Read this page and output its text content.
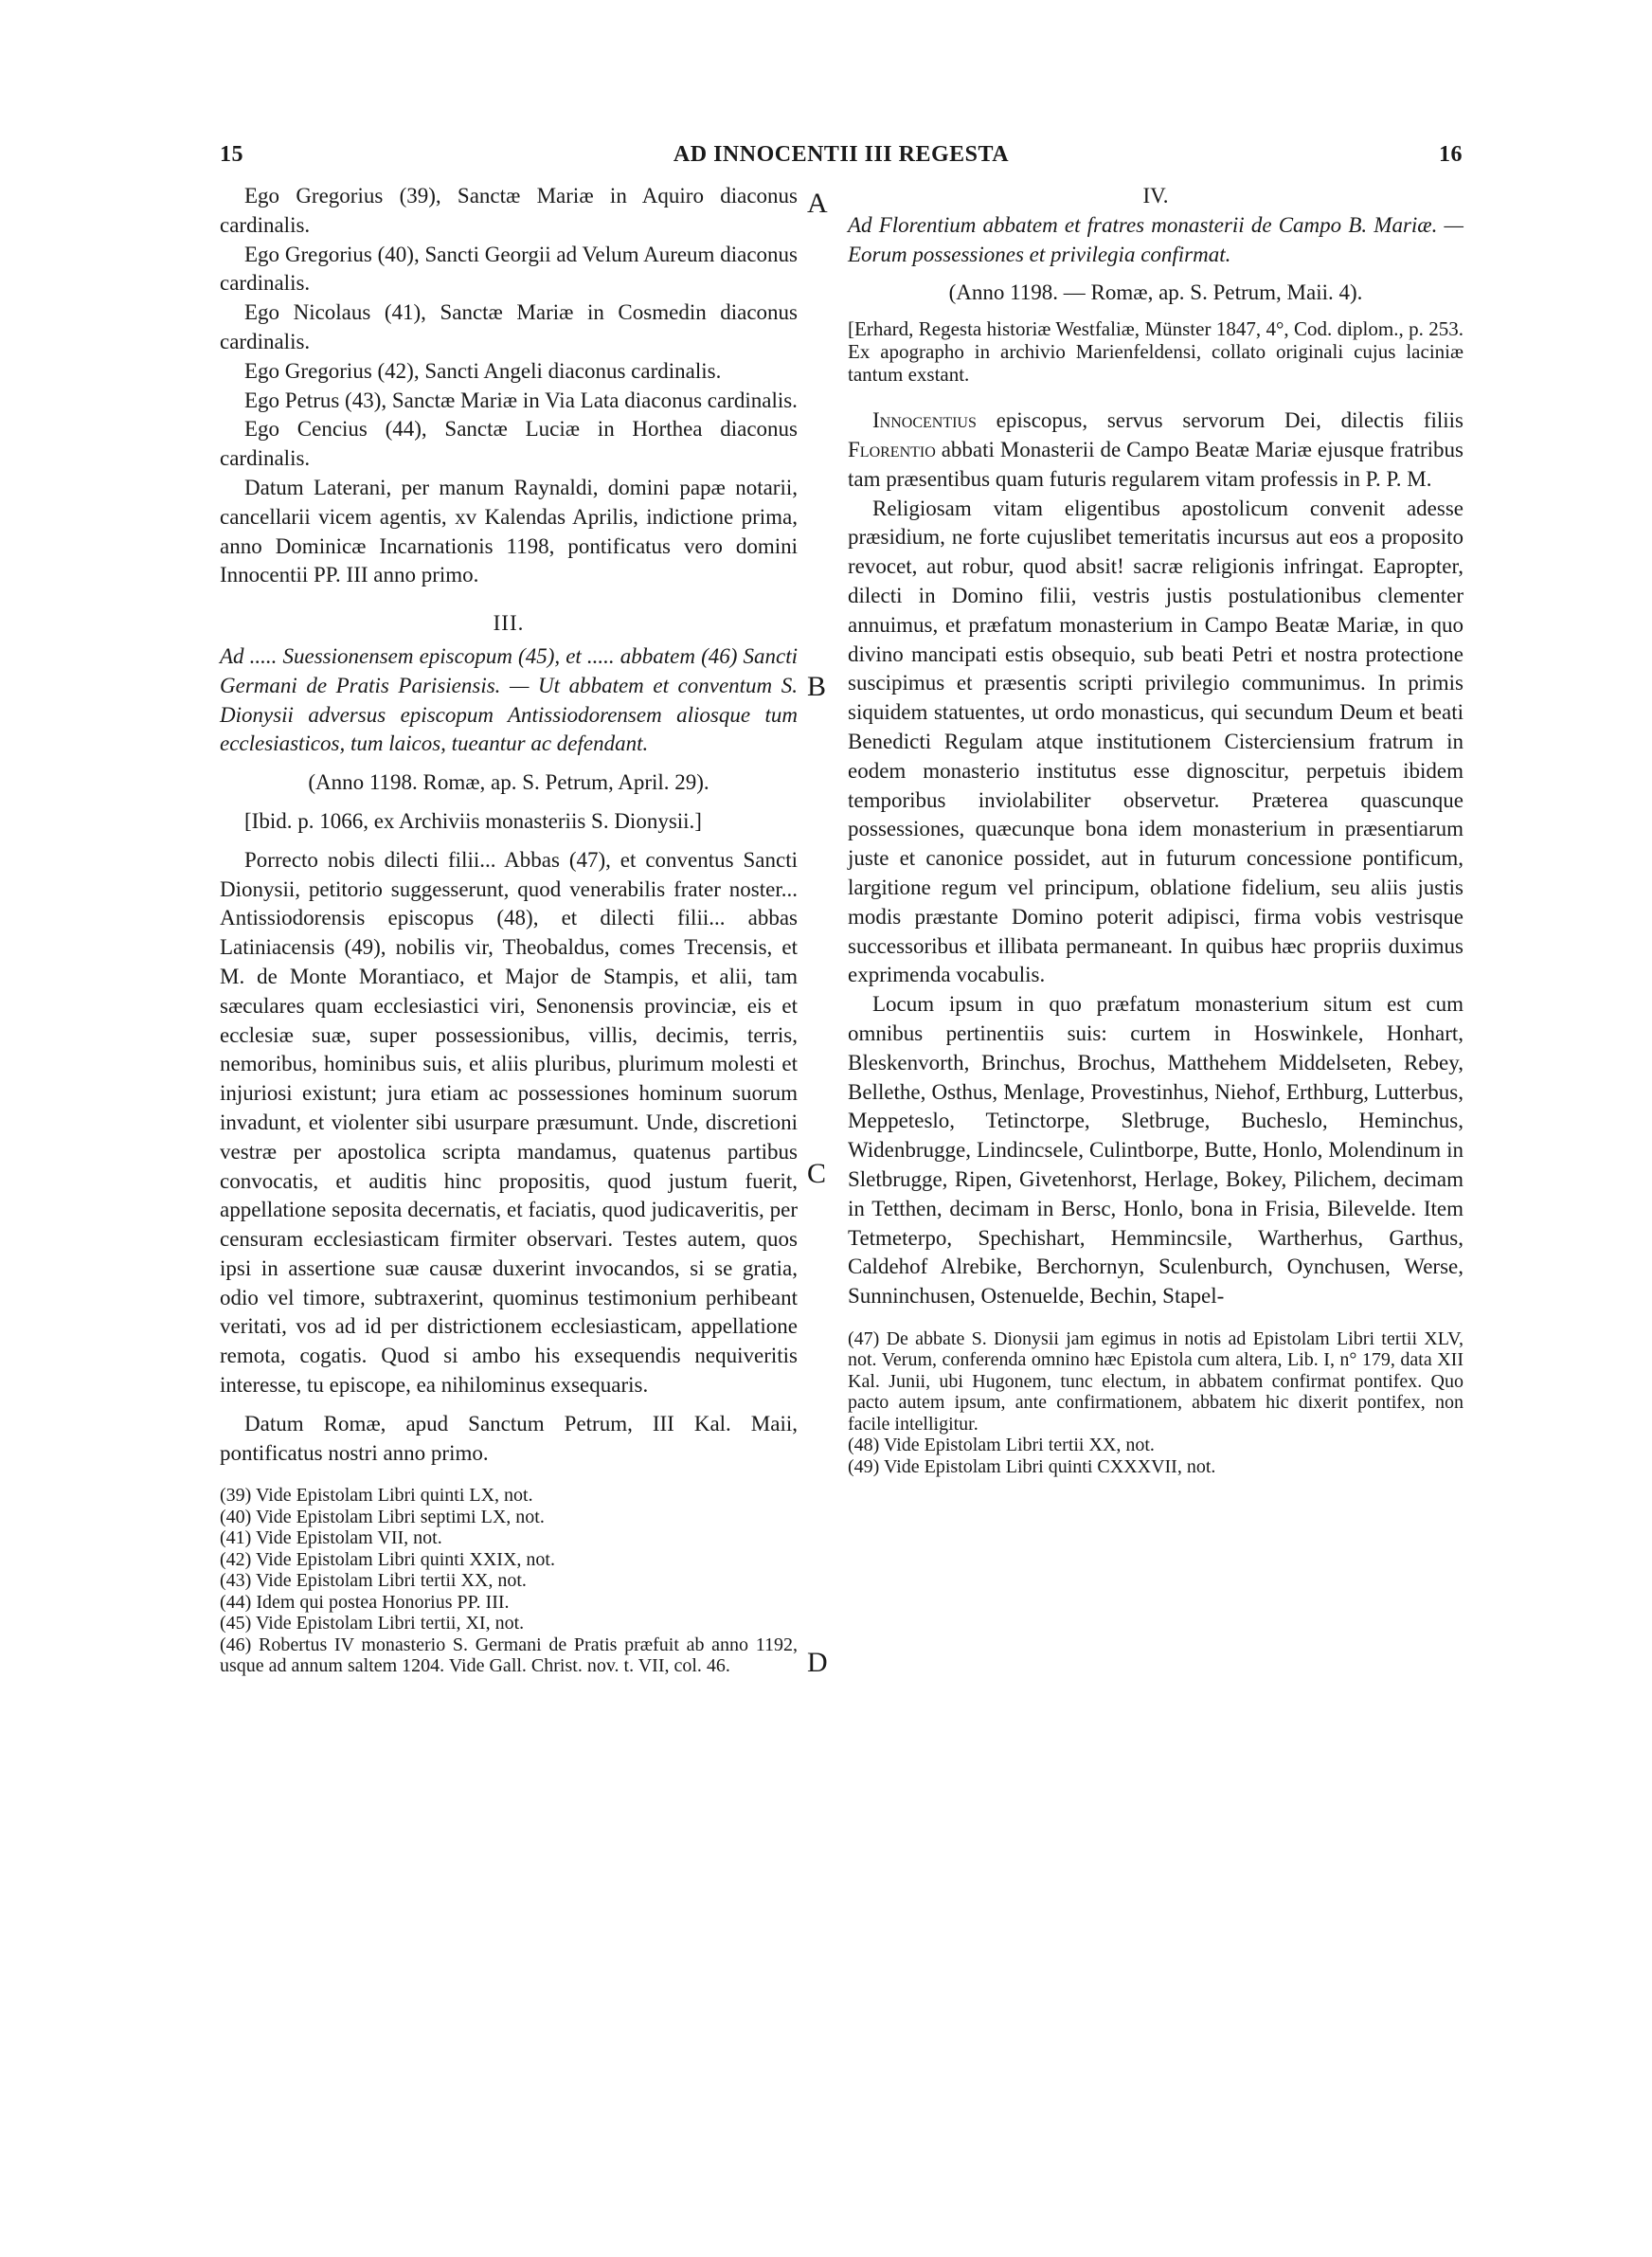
15	AD INNOCENTII III REGESTA	16
A
B
C
D

Ego Gregorius (39), Sanctæ Mariæ in Aquiro diaconus cardinalis.

Ego Gregorius (40), Sancti Georgii ad Velum Aureum diaconus cardinalis.

Ego Nicolaus (41), Sanctæ Mariæ in Cosmedin diaconus cardinalis.

Ego Gregorius (42), Sancti Angeli diaconus cardinalis.

Ego Petrus (43), Sanctæ Mariæ in Via Lata diaconus cardinalis.

Ego Cencius (44), Sanctæ Luciæ in Horthea diaconus cardinalis.

Datum Laterani, per manum Raynaldi, domini papæ notarii, cancellarii vicem agentis, xv Kalendas Aprilis, indictione prima, anno Dominicæ Incarnationis 1198, pontificatus vero domini Innocentii PP. III anno primo.

III.

Ad ..... Suessionensem episcopum (45), et ..... abbatem (46) Sancti Germani de Pratis Parisiensis. — Ut abbatem et conventum S. Dionysii adversus episcopum Antissiodorensem aliosque tum ecclesiasticos, tum laicos, tueantur ac defendant.

(Anno 1198. Romæ, ap. S. Petrum, April. 29).

[Ibid. p. 1066, ex Archiviis monasteriis S. Dionysii.]

Porrecto nobis dilecti filii... Abbas (47), et conventus Sancti Dionysii, petitorio suggesserunt, quod venerabilis frater noster... Antissiodorensis episcopus (48), et dilecti filii... abbas Latiniacensis (49), nobilis vir, Theobaldus, comes Trecensis, et M. de Monte Morantiaco, et Major de Stampis, et alii, tam sæculares quam ecclesiastici viri, Senonensis provinciæ, eis et ecclesiæ suæ, super possessionibus, villis, decimis, terris, nemoribus, hominibus suis, et aliis pluribus, plurimum molesti et injuriosi existunt; jura etiam ac possessiones hominum suorum invadunt, et violenter sibi usurpare præsumunt. Unde, discretioni vestræ per apostolica scripta mandamus, quatenus partibus convocatis, et auditis hinc propositis, quod justum fuerit, appellatione seposita decernatis, et faciatis, quod judicaveritis, per censuram ecclesiasticam firmiter observari. Testes autem, quos ipsi in assertione suæ causæ duxerint invocandos, si se gratia, odio vel timore, subtraxerint, quominus testimonium perhibeant veritati, vos ad id per districtionem ecclesiasticam, appellatione remota, cogatis. Quod si ambo his exsequendis nequiveritis interesse, tu episcope, ea nihilominus exsequaris.

Datum Romæ, apud Sanctum Petrum, III Kal. Maii, pontificatus nostri anno primo.

(39) Vide Epistolam Libri quinti LX, not.

(40) Vide Epistolam Libri septimi LX, not.

(41) Vide Epistolam VII, not.

(42) Vide Epistolam Libri quinti XXIX, not.

(43) Vide Epistolam Libri tertii XX, not.

(44) Idem qui postea Honorius PP. III.

(45) Vide Epistolam Libri tertii, XI, not.

(46) Robertus IV monasterio S. Germani de Pratis præfuit ab anno 1192, usque ad annum saltem 1204. Vide Gall. Christ. nov. t. VII, col. 46.

IV.

Ad Florentium abbatem et fratres monasterii de Campo B. Mariæ. — Eorum possessiones et privilegia confirmat.

(Anno 1198. — Romæ, ap. S. Petrum, Maii. 4).

[Erhard, Regesta historiæ Westfaliæ, Münster 1847, 4°, Cod. diplom., p. 253. Ex apographo in archivio Marienfeldensi, collato originali cujus laciniæ tantum exstant.

Innocentius episcopus, servus servorum Dei, dilectis filiis Florentio abbati Monasterii de Campo Beatæ Mariæ ejusque fratribus tam præsentibus quam futuris regularem vitam professis in P. P. M.

Religiosam vitam eligentibus apostolicum convenit adesse præsidium, ne forte cujuslibet temeritatis incursus aut eos a proposito revocet, aut robur, quod absit! sacræ religionis infringat. Eapropter, dilecti in Domino filii, vestris justis postulationibus clementer annuimus, et præfatum monasterium in Campo Beatæ Mariæ, in quo divino mancipati estis obsequio, sub beati Petri et nostra protectione suscipimus et præsentis scripti privilegio communimus. In primis siquidem statuentes, ut ordo monasticus, qui secundum Deum et beati Benedicti Regulam atque institutionem Cisterciensium fratrum in eodem monasterio institutus esse dignoscitur, perpetuis ibidem temporibus inviolabiliter observetur. Præterea quascunque possessiones, quæcunque bona idem monasterium in præsentiarum juste et canonice possidet, aut in futurum concessione pontificum, largitione regum vel principum, oblatione fidelium, seu aliis justis modis præstante Domino poterit adipisci, firma vobis vestrisque successoribus et illibata permaneant. In quibus hæc propriis duximus exprimenda vocabulis.

Locum ipsum in quo præfatum monasterium situm est cum omnibus pertinentiis suis: curtem in Hoswinkele, Honhart, Bleskenvorth, Brinchus, Brochus, Matthehem Middelseten, Rebey, Bellethe, Osthus, Menlage, Provestinhus, Niehof, Erthburg, Lutterbus, Meppeteslo, Tetinctorpe, Sletbruge, Bucheslo, Heminchus, Widenbrugge, Lindincsele, Culintborpe, Butte, Honlo, Molendinum in Sletbrugge, Ripen, Givetenhorst, Herlage, Bokey, Pilichem, decimam in Tetthen, decimam in Bersc, Honlo, bona in Frisia, Bilevelde. Item Tetmeterpo, Spechishart, Hemmincsile, Wartherhus, Garthus, Caldehof Alrebike, Berchornyn, Sculenburch, Oynchusen, Werse, Sunninchusen, Ostenuelde, Bechin, Stapel-

(47) De abbate S. Dionysii jam egimus in notis ad Epistolam Libri tertii XLV, not. Verum, conferenda omnino hæc Epistola cum altera, Lib. I, n° 179, data XII Kal. Junii, ubi Hugonem, tunc electum, in abbatem confirmat pontifex. Quo pacto autem ipsum, ante confirmationem, abbatem hic dixerit pontifex, non facile intelligitur.

(48) Vide Epistolam Libri tertii XX, not.

(49) Vide Epistolam Libri quinti CXXXVII, not.
